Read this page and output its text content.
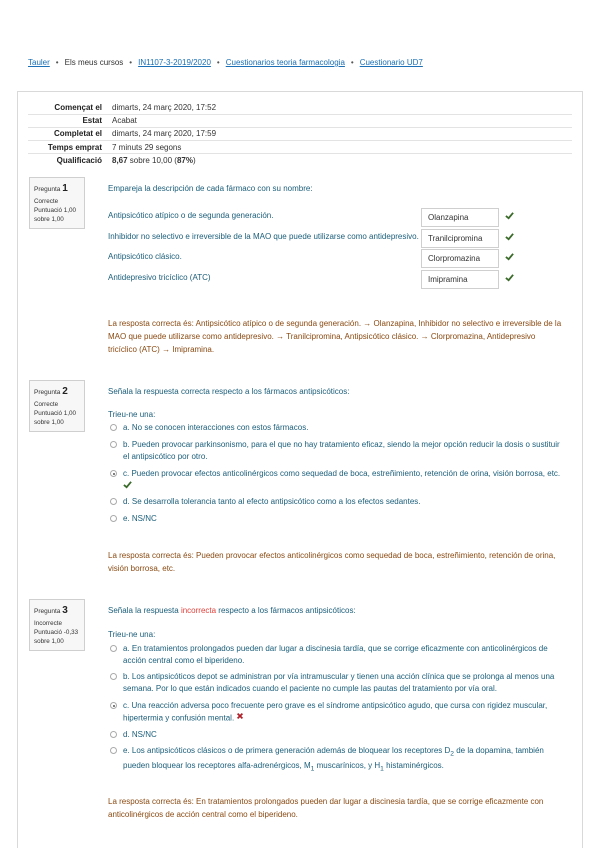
Tauler • Els meus cursos • IN1107-3-2019/2020 • Cuestionarios teoria farmacologia • Cuestionario UD7
Començat el	dimarts, 24 març 2020, 17:52
Estat	Acabat
Completat el	dimarts, 24 març 2020, 17:59
Temps emprat	7 minuts 29 segons
Qualificació	8,67 sobre 10,00 (87%)
Pregunta 1
Correcte
Puntuació 1,00 sobre 1,00
Empareja la descripción de cada fármaco con su nombre:
Antipsicótico atípico o de segunda generación.	Olanzapina
Inhibidor no selectivo e irreversible de la MAO que puede utilizarse como antidepresivo.	Tranilcipromina
Antipsicótico clásico.	Clorpromazina
Antidepresivo tricíclico (ATC)	Imipramina
La resposta correcta és: Antipsicótico atípico o de segunda generación. → Olanzapina, Inhibidor no selectivo e irreversible de la MAO que puede utilizarse como antidepresivo. → Tranilcipromina, Antipsicótico clásico. → Clorpromazina, Antidepresivo tricíclico (ATC) → Imipramina.
Pregunta 2
Correcte
Puntuació 1,00 sobre 1,00
Señala la respuesta correcta respecto a los fármacos antipsicóticos:
Trieu-ne una:
a. No se conocen interacciones con estos fármacos.
b. Pueden provocar parkinsonismo, para el que no hay tratamiento eficaz, siendo la mejor opción reducir la dosis o sustituir el antipsicótico por otro.
c. Pueden provocar efectos anticolinérgicos como sequedad de boca, estreñimiento, retención de orina, visión borrosa, etc.

d. Se desarrolla tolerancia tanto al efecto antipsicótico como a los efectos sedantes.
e. NS/NC
La resposta correcta és: Pueden provocar efectos anticolinérgicos como sequedad de boca, estreñimiento, retención de orina, visión borrosa, etc.
Pregunta 3
Incorrecte
Puntuació -0,33 sobre 1,00
Señala la respuesta incorrecta respecto a los fármacos antipsicóticos:
Trieu-ne una:
a. En tratamientos prolongados pueden dar lugar a discinesia tardía, que se corrige eficazmente con anticolinérgicos de acción central como el biperideno.
b. Los antipsicóticos depot se administran por vía intramuscular y tienen una acción clínica que se prolonga al menos una semana. Por lo que están indicados cuando el paciente no cumple las pautas del tratamiento por vía oral.
c. Una reacción adversa poco frecuente pero grave es el síndrome antipsicótico agudo, que cursa con rigidez muscular, hipertermia y confusión mental.
d. NS/NC
e. Los antipsicóticos clásicos o de primera generación además de bloquear los receptores $D_2$ de la dopamina, también pueden bloquear los receptores alfa-adrenérgicos, $M_1$ muscarínicos, y $H_1$ histaminérgicos.
La resposta correcta és: En tratamientos prolongados pueden dar lugar a discinesia tardía, que se corrige eficazmente con anticolinérgicos de acción central como el biperideno.
